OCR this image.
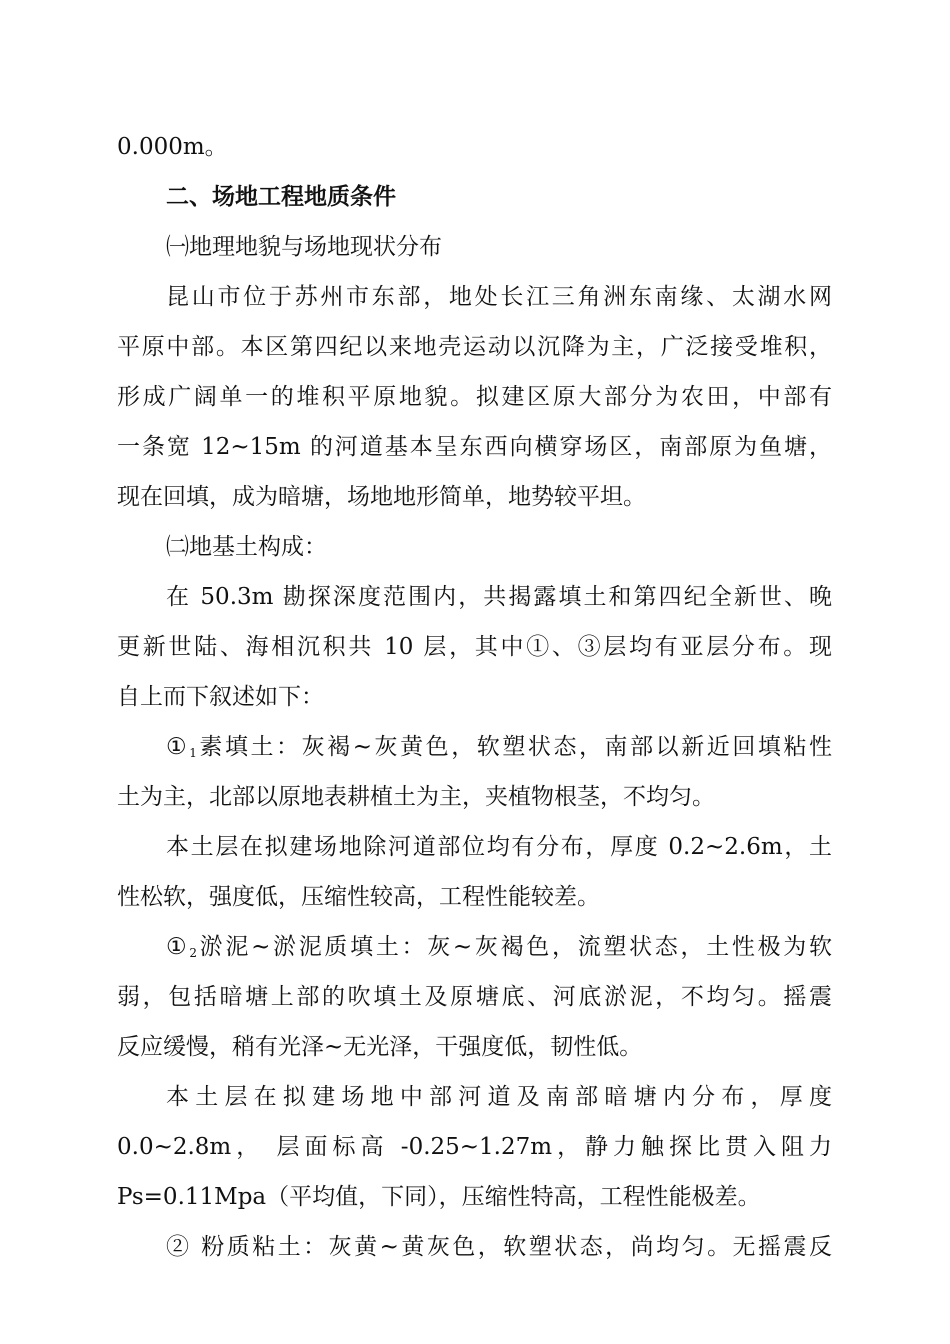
0.000m。
二、场地工程地质条件
㈠地理地貌与场地现状分布
昆山市位于苏州市东部，地处长江三角洲东南缘、太湖水网
平原中部。本区第四纪以来地壳运动以沉降为主，广泛接受堆积，
形成广阔单一的堆积平原地貌。拟建区原大部分为农田，中部有
一条宽 12~15m 的河道基本呈东西向横穿场区，南部原为鱼塘，
现在回填，成为暗塘，场地地形简单，地势较平坦。
㈡地基土构成：
在 50.3m 勘探深度范围内，共揭露填土和第四纪全新世、晚
更新世陆、海相沉积共 10 层，其中①、③层均有亚层分布。现
自上而下叙述如下：
$①_1$素填土：灰褐~灰黄色，软塑状态，南部以新近回填粘性
土为主，北部以原地表耕植土为主，夹植物根茎，不均匀。
本土层在拟建场地除河道部位均有分布，厚度 0.2~2.6m，土
性松软，强度低，压缩性较高，工程性能较差。
$①_2$淤泥~淤泥质填土：灰~灰褐色，流塑状态，土性极为软
弱，包括暗塘上部的吹填土及原塘底、河底淤泥，不均匀。摇震
反应缓慢，稍有光泽~无光泽，干强度低，韧性低。
本土层在拟建场地中部河道及南部暗塘内分布，厚度
0.0~2.8m， 层面标高 -0.25~1.27m，静力触探比贯入阻力
Ps=0.11Mpa（平均值，下同），压缩性特高，工程性能极差。
② 粉质粘土：灰黄~黄灰色，软塑状态，尚均匀。无摇震反
